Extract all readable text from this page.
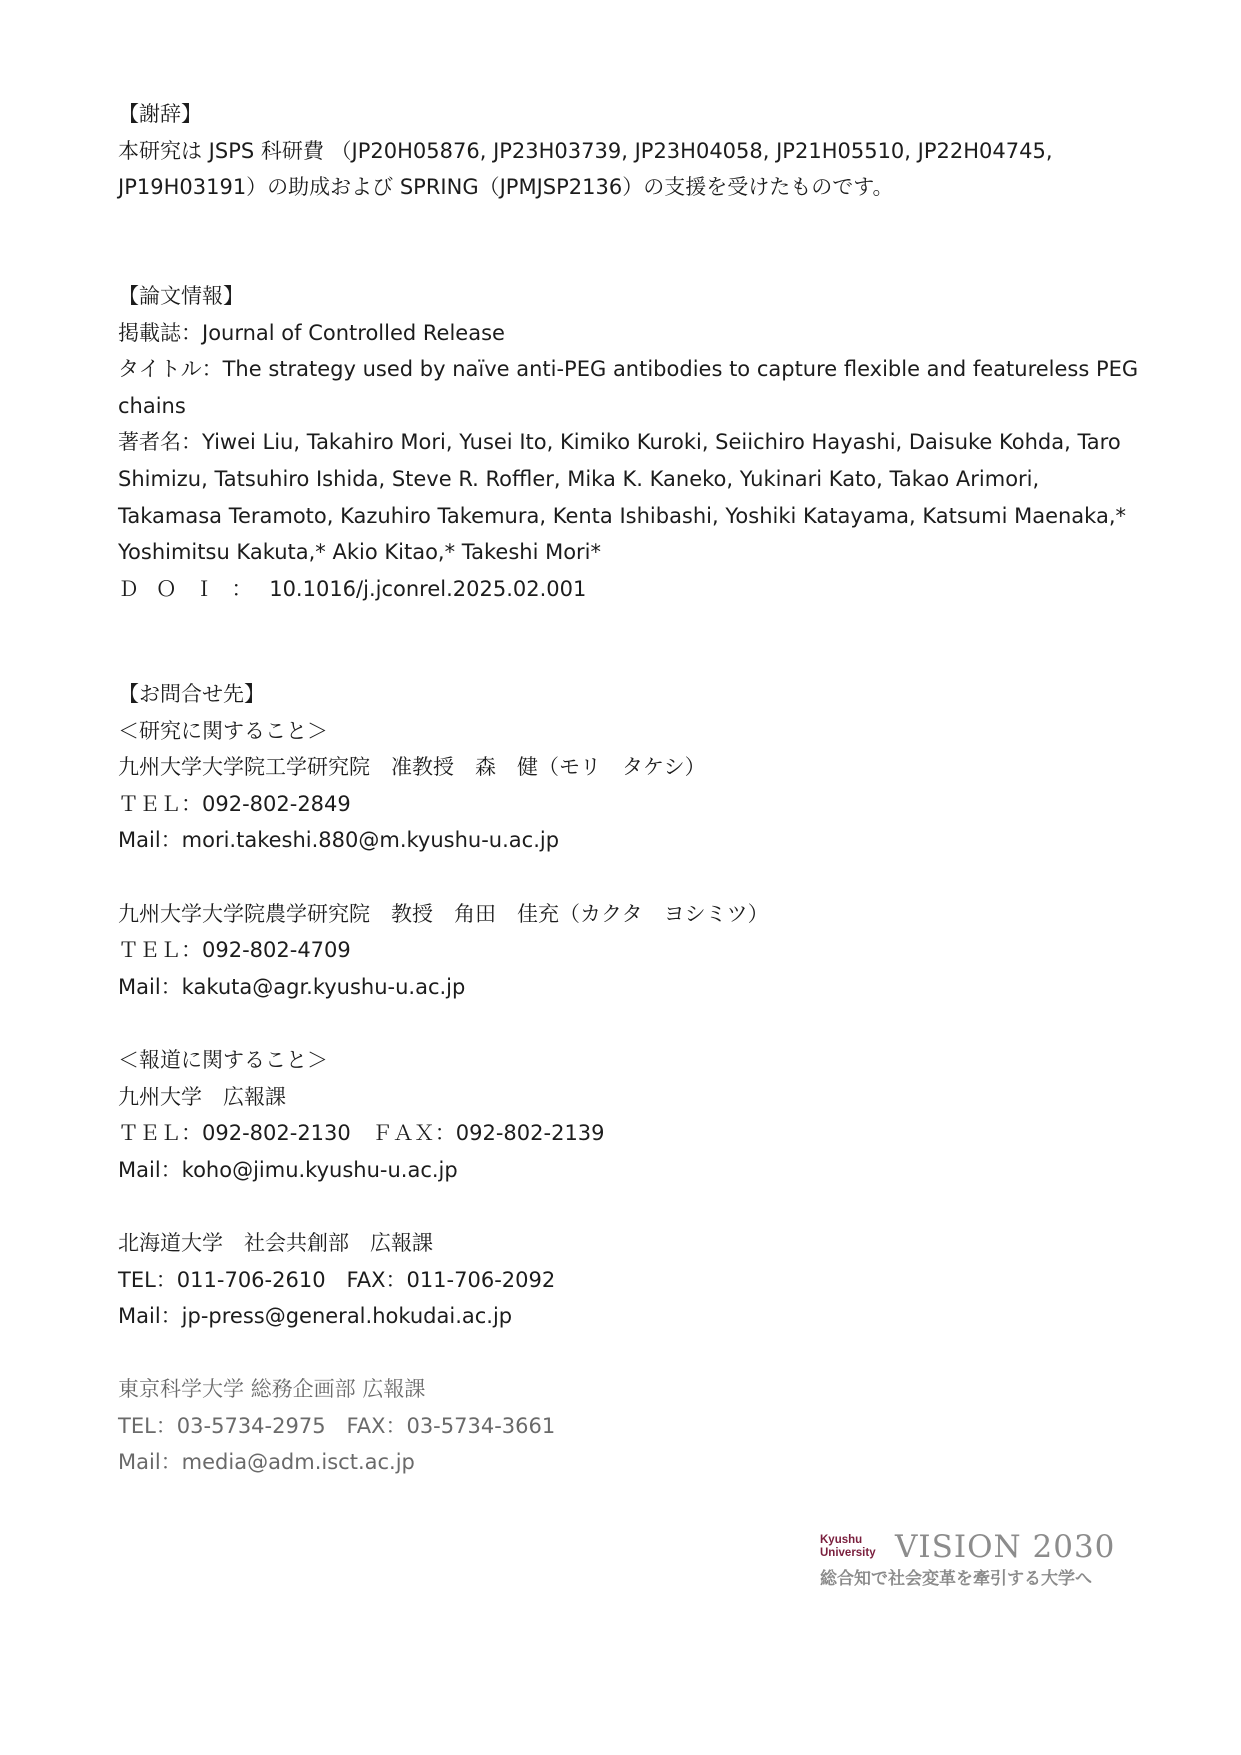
【謝辞】
本研究は JSPS 科研費 （JP20H05876, JP23H03739, JP23H04058, JP21H05510, JP22H04745, JP19H03191）の助成および SPRING（JPMJSP2136）の支援を受けたものです。
【論文情報】
掲載誌：Journal of Controlled Release
タイトル：The strategy used by naïve anti-PEG antibodies to capture flexible and featureless PEG chains
著者名：Yiwei Liu, Takahiro Mori, Yusei Ito, Kimiko Kuroki, Seiichiro Hayashi, Daisuke Kohda, Taro Shimizu, Tatsuhiro Ishida, Steve R. Roffler, Mika K. Kaneko, Yukinari Kato, Takao Arimori, Takamasa Teramoto, Kazuhiro Takemura, Kenta Ishibashi, Yoshiki Katayama, Katsumi Maenaka,* Yoshimitsu Kakuta,* Akio Kitao,* Takeshi Mori*
ＤＯＩ：10.1016/j.jconrel.2025.02.001
【お問合せ先】
＜研究に関すること＞
九州大学大学院工学研究院　准教授　森　健（モリ　タケシ）
ＴＥＬ：092-802-2849
Mail：mori.takeshi.880@m.kyushu-u.ac.jp

九州大学大学院農学研究院　教授　角田　佳充（カクタ　ヨシミツ）
ＴＥＬ：092-802-4709
Mail：kakuta@agr.kyushu-u.ac.jp

＜報道に関すること＞
九州大学　広報課
ＴＥＬ：092-802-2130　ＦＡＸ：092-802-2139
Mail：koho@jimu.kyushu-u.ac.jp

北海道大学　社会共創部　広報課
TEL：011-706-2610　FAX：011-706-2092
Mail：jp-press@general.hokudai.ac.jp

東京科学大学 総務企画部 広報課
TEL：03-5734-2975　FAX：03-5734-3661
Mail：media@adm.isct.ac.jp
Kyushu
University VISION 2030
総合知で社会変革を牽引する大学へ
